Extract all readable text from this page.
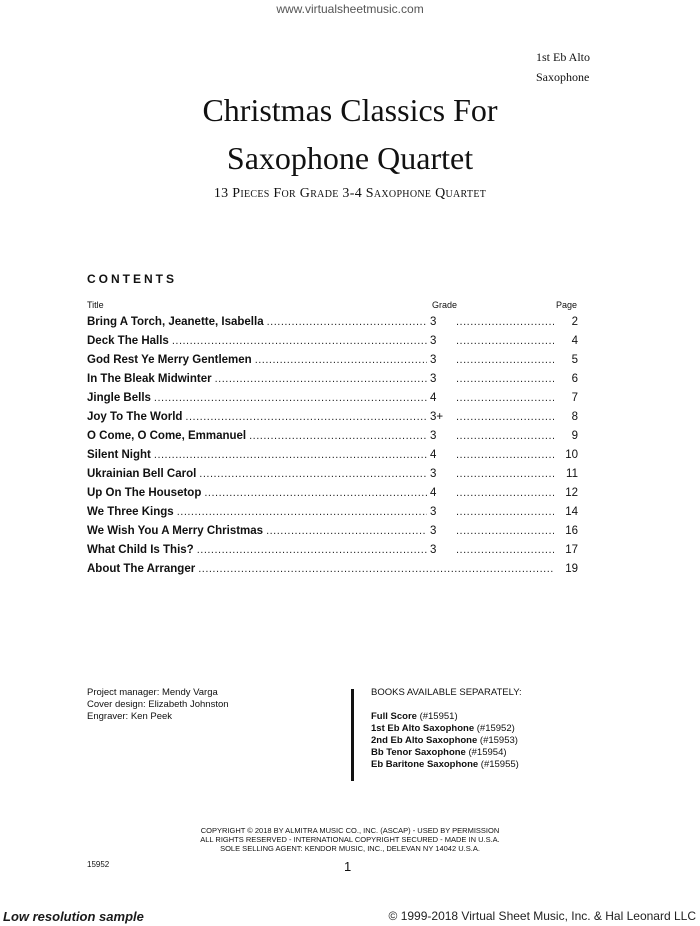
www.virtualsheetmusic.com
1st Eb Alto
Saxophone
Christmas Classics For
Saxophone Quartet
13 Pieces For Grade 3-4 Saxophone Quartet
CONTENTS
Title	Grade	Page
Bring A Torch, Jeanette, Isabella .....	3 .....	2
Deck The Halls .....	3 .....	4
God Rest Ye Merry Gentlemen .....	3 .....	5
In The Bleak Midwinter .....	3 .....	6
Jingle Bells .....	4 .....	7
Joy To The World .....	3+ .....	8
O Come, O Come, Emmanuel .....	3 .....	9
Silent Night .....	4 .....	10
Ukrainian Bell Carol .....	3 .....	11
Up On The Housetop .....	4 .....	12
We Three Kings .....	3 .....	14
We Wish You A Merry Christmas .....	3 .....	16
What Child Is This? .....	3 .....	17
About The Arranger .....	19
Project manager: Mendy Varga
Cover design: Elizabeth Johnston
Engraver: Ken Peek
BOOKS AVAILABLE SEPARATELY:
Full Score (#15951)
1st Eb Alto Saxophone (#15952)
2nd Eb Alto Saxophone (#15953)
Bb Tenor Saxophone (#15954)
Eb Baritone Saxophone (#15955)
COPYRIGHT © 2018 BY ALMITRA MUSIC CO., INC. (ASCAP) - USED BY PERMISSION
ALL RIGHTS RESERVED - INTERNATIONAL COPYRIGHT SECURED - MADE IN U.S.A.
SOLE SELLING AGENT: KENDOR MUSIC, INC., DELEVAN NY 14042 U.S.A.
15952	1
Low resolution sample	© 1999-2018 Virtual Sheet Music, Inc. & Hal Leonard LLC
